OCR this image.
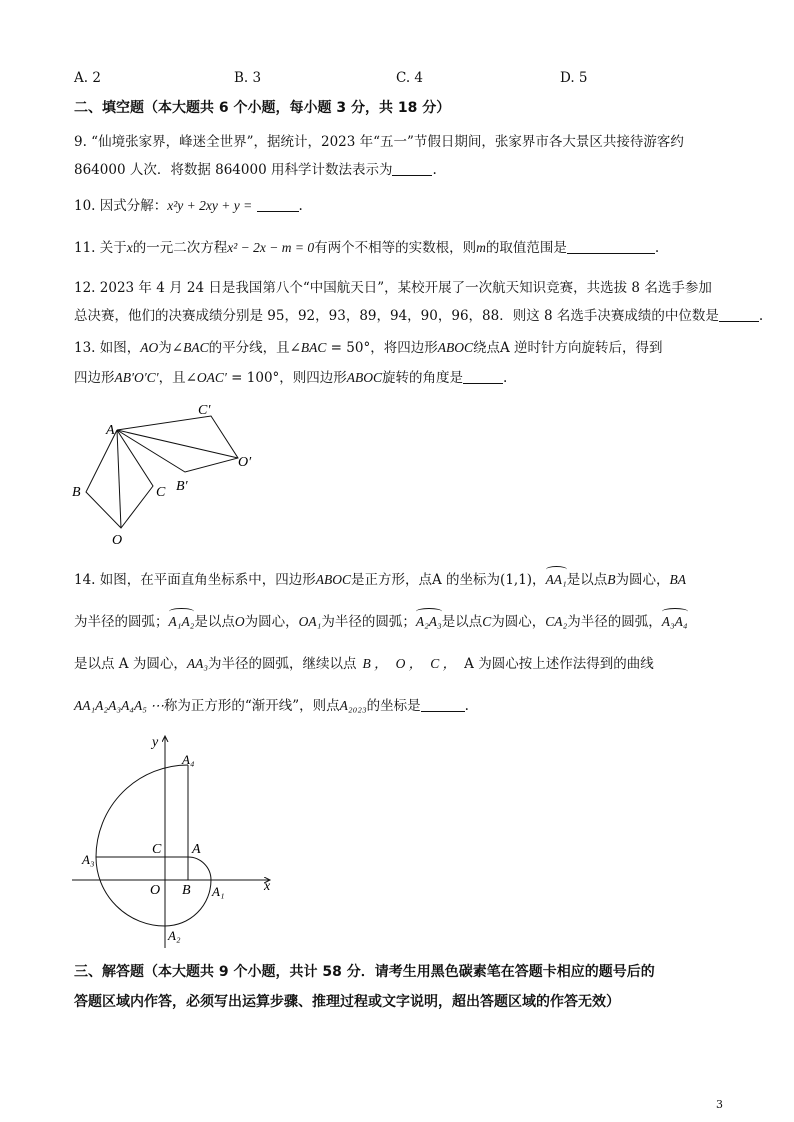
A. 2	B. 3	C. 4	D. 5
二、填空题（本大题共 6 个小题，每小题 3 分，共 18 分）
9. “仙境张家界，峰迷全世界”，据统计，2023 年“五一”节假日期间，张家界市各大景区共接待游客约
864000 人次．将数据 864000 用科学计数法表示为	.
10. 因式分解：x²y + 2xy + y =	.
11. 关于x的一元二次方程x² − 2x − m = 0有两个不相等的实数根，则m的取值范围是	.
12. 2023 年 4 月 24 日是我国第八个“中国航天日”，某校开展了一次航天知识竞赛，共选拔 8 名选手参加
总决赛，他们的决赛成绩分别是 95，92，93，89，94，90，96，88．则这 8 名选手决赛成绩的中位数是	.
13. 如图，AO为∠BAC的平分线，且∠BAC = 50°，将四边形ABOC绕点A 逆时针方向旋转后，得到
四边形AB′O′C′，且∠OAC′ = 100°，则四边形ABOC旋转的角度是	.
A
B	C
O
B′
C′
O′
14. 如图，在平面直角坐标系中，四边形ABOC是正方形，点A 的坐标为(1,1)，AA₁是以点B为圆心，BA
为半径的圆弧；A₁A₂是以点O为圆心，OA₁为半径的圆弧；A₂A₃是以点C为圆心，CA₂为半径的圆弧，A₃A₄
是以点 A 为圆心，AA₃为半径的圆弧，继续以点 B ， O ， C ， A 为圆心按上述作法得到的曲线
AA₁A₂A₃A₄A₅ ⋯称为正方形的“渐开线”，则点A₂₀₂₃的坐标是	.
y
x
O B
A
C
A₁
A₂
A₃
A₄
三、解答题（本大题共 9 个小题，共计 58 分．请考生用黑色碳素笔在答题卡相应的题号后的
答题区域内作答，必须写出运算步骤、推理过程或文字说明，超出答题区域的作答无效）
3
